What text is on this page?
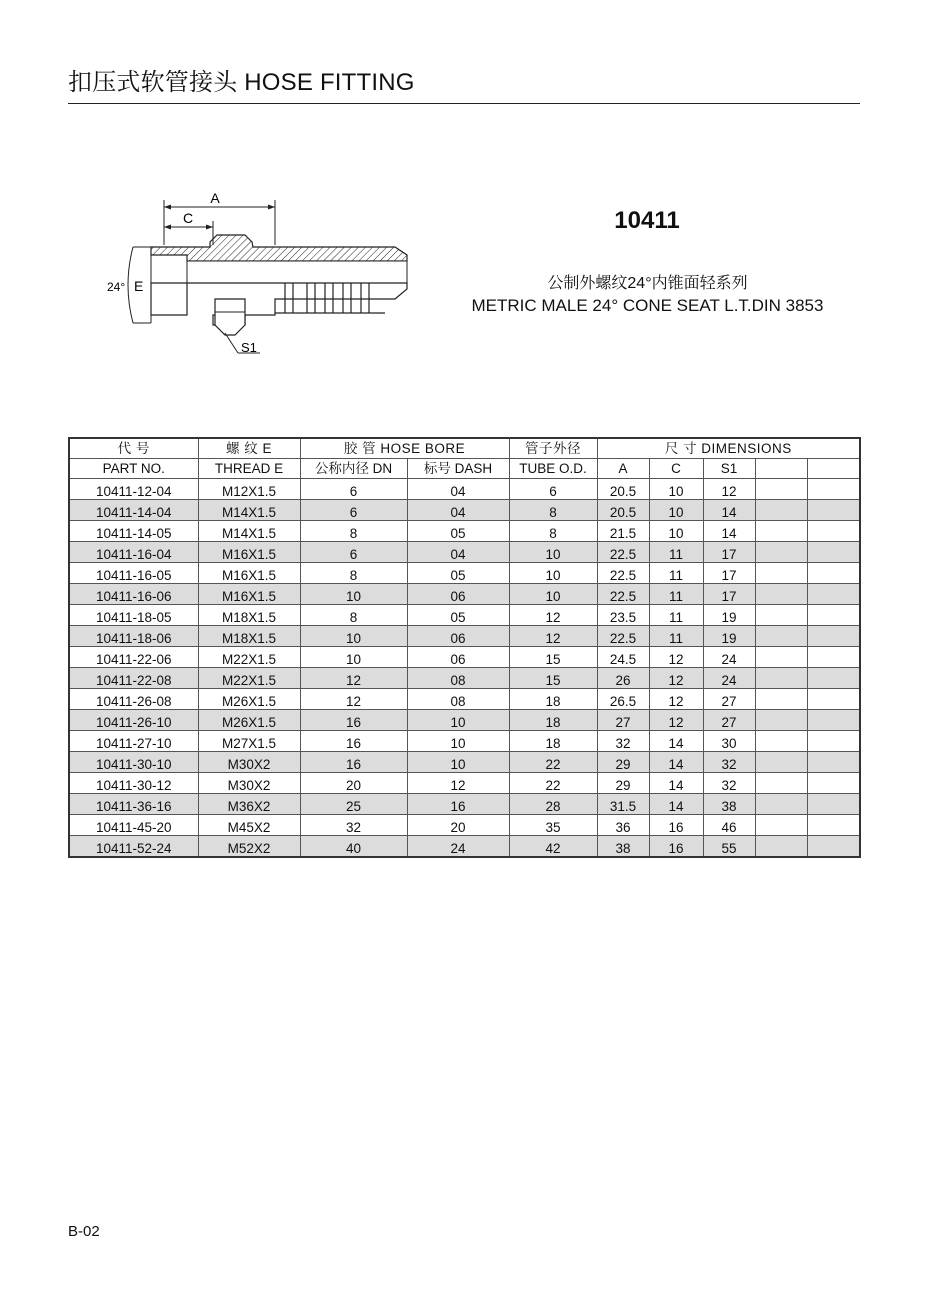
扣压式软管接头 HOSE FITTING
A
C
24° E
S1
10411
公制外螺纹24°内锥面轻系列
METRIC MALE 24° CONE SEAT L.T.DIN 3853
代 号	螺 纹 E	胶 管 HOSE BORE		管子外径	尺 寸 DIMENSIONS				
PART NO.	THREAD E	公称内径 DN	标号 DASH	TUBE O.D.	A	C	S1		
10411-12-04	M12X1.5	6	04	6	20.5	10	12		
10411-14-04	M14X1.5	6	04	8	20.5	10	14		
10411-14-05	M14X1.5	8	05	8	21.5	10	14		
10411-16-04	M16X1.5	6	04	10	22.5	11	17		
10411-16-05	M16X1.5	8	05	10	22.5	11	17		
10411-16-06	M16X1.5	10	06	10	22.5	11	17		
10411-18-05	M18X1.5	8	05	12	23.5	11	19		
10411-18-06	M18X1.5	10	06	12	22.5	11	19		
10411-22-06	M22X1.5	10	06	15	24.5	12	24		
10411-22-08	M22X1.5	12	08	15	26	12	24		
10411-26-08	M26X1.5	12	08	18	26.5	12	27		
10411-26-10	M26X1.5	16	10	18	27	12	27		
10411-27-10	M27X1.5	16	10	18	32	14	30		
10411-30-10	M30X2	16	10	22	29	14	32		
10411-30-12	M30X2	20	12	22	29	14	32		
10411-36-16	M36X2	25	16	28	31.5	14	38		
10411-45-20	M45X2	32	20	35	36	16	46		
10411-52-24	M52X2	40	24	42	38	16	55		
B-02
